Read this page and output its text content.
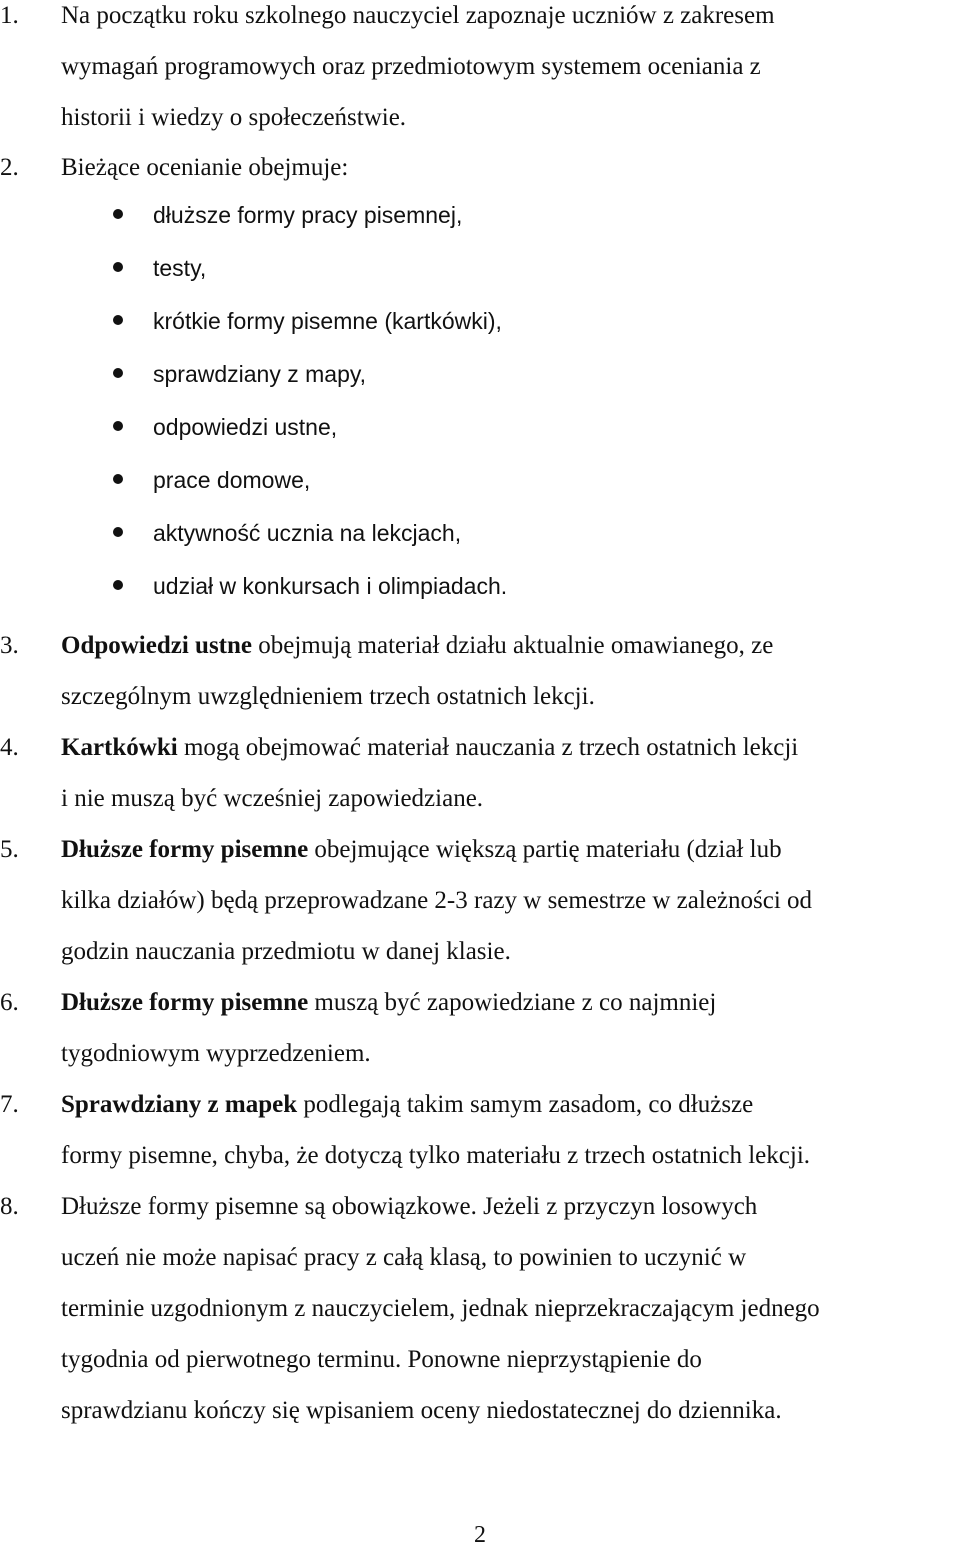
1.	Na początku roku szkolnego nauczyciel zapoznaje uczniów z zakresem
wymagań programowych oraz przedmiotowym systemem oceniania z
historii i wiedzy o społeczeństwie.
2.	Bieżące ocenianie obejmuje:
dłuższe formy pracy pisemnej,
testy,
krótkie formy pisemne (kartkówki),
sprawdziany z mapy,
odpowiedzi ustne,
prace domowe,
aktywność ucznia na lekcjach,
udział w konkursach i olimpiadach.
3.	Odpowiedzi ustne obejmują materiał działu aktualnie omawianego, ze
szczególnym uwzględnieniem trzech ostatnich lekcji.
4.	Kartkówki mogą obejmować materiał nauczania z trzech ostatnich lekcji
i nie muszą być wcześniej zapowiedziane.
5.	Dłuższe formy pisemne obejmujące większą partię materiału (dział lub
kilka działów) będą przeprowadzane 2-3 razy w semestrze w zależności od
godzin nauczania przedmiotu w danej klasie.
6.	Dłuższe formy pisemne muszą być zapowiedziane z co najmniej
tygodniowym wyprzedzeniem.
7.	Sprawdziany z mapek podlegają takim samym zasadom, co dłuższe
formy pisemne, chyba, że dotyczą tylko materiału z trzech ostatnich lekcji.
8.	Dłuższe formy pisemne są obowiązkowe. Jeżeli z przyczyn losowych
uczeń nie może napisać pracy z całą klasą, to powinien to uczynić w
terminie uzgodnionym z nauczycielem, jednak nieprzekraczającym jednego
tygodnia od pierwotnego terminu. Ponowne nieprzystąpienie do
sprawdzianu kończy się wpisaniem oceny niedostatecznej do dziennika.
2
